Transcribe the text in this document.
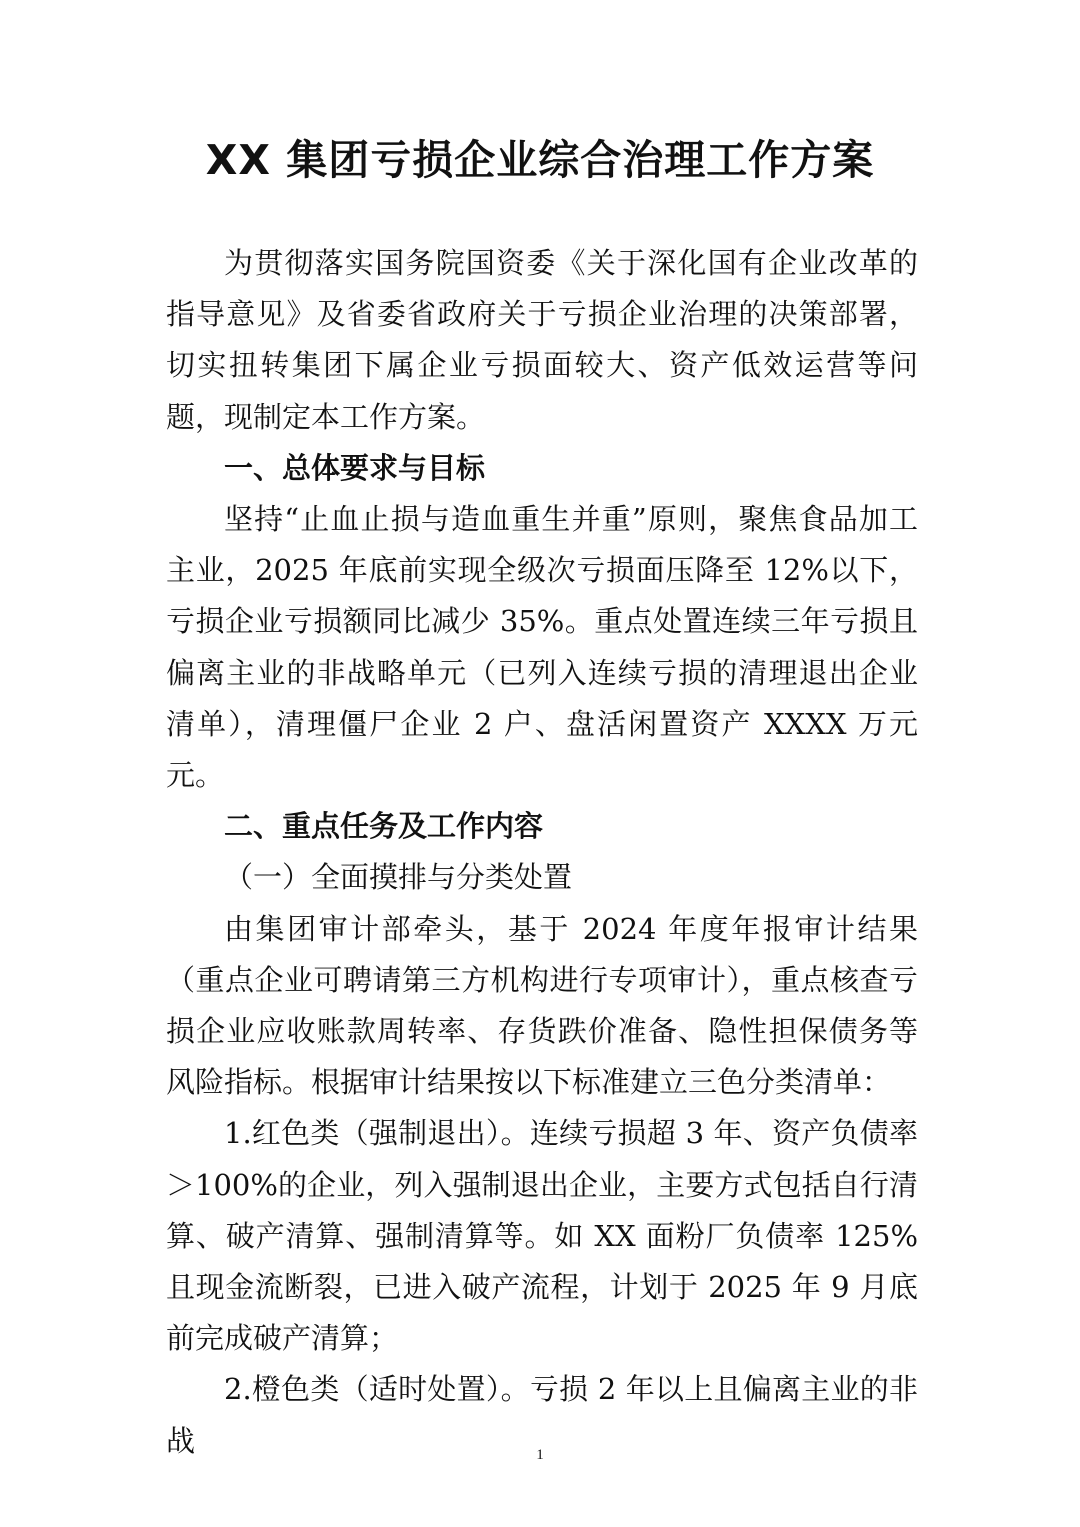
XX 集团亏损企业综合治理工作方案

为贯彻落实国务院国资委《关于深化国有企业改革的指导意见》及省委省政府关于亏损企业治理的决策部署，切实扭转集团下属企业亏损面较大、资产低效运营等问题，现制定本工作方案。

一、总体要求与目标

坚持“止血止损与造血重生并重”原则，聚焦食品加工主业，2025 年底前实现全级次亏损面压降至 12%以下，亏损企业亏损额同比减少 35%。重点处置连续三年亏损且偏离主业的非战略单元（已列入连续亏损的清理退出企业清单），清理僵尸企业 2 户、盘活闲置资产 XXXX 万元元。

二、重点任务及工作内容

（一）全面摸排与分类处置

由集团审计部牵头，基于 2024 年度年报审计结果（重点企业可聘请第三方机构进行专项审计），重点核查亏损企业应收账款周转率、存货跌价准备、隐性担保债务等风险指标。根据审计结果按以下标准建立三色分类清单：

1.红色类（强制退出）。连续亏损超 3 年、资产负债率＞100%的企业，列入强制退出企业，主要方式包括自行清算、破产清算、强制清算等。如 XX 面粉厂负债率 125%且现金流断裂，已进入破产流程，计划于 2025 年 9 月底前完成破产清算；

2.橙色类（适时处置）。亏损 2 年以上且偏离主业的非战	1
